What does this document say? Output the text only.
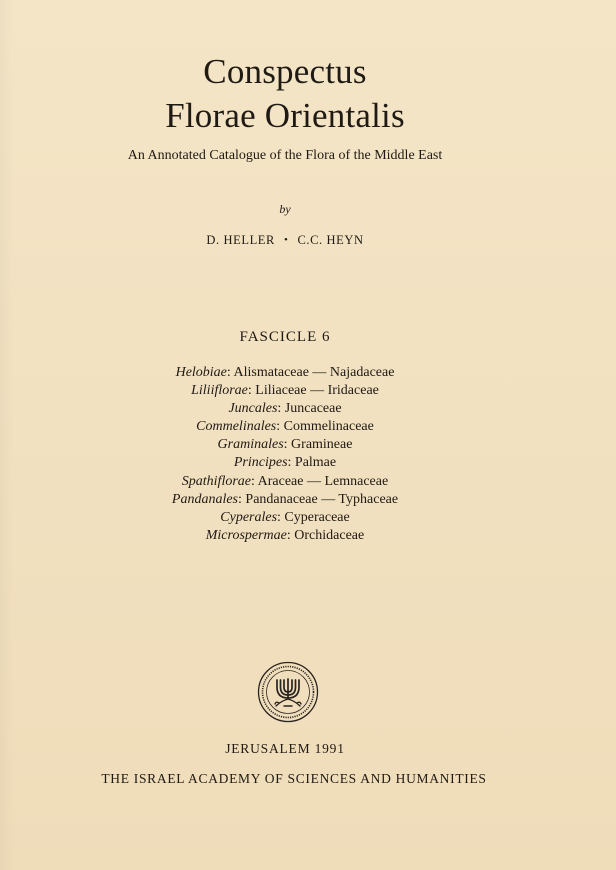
Conspectus
Florae Orientalis
An Annotated Catalogue of the Flora of the Middle East
by
D. HELLER • C.C. HEYN
FASCICLE 6
Helobiae: Alismataceae — Najadaceae
Liliiflorae: Liliaceae — Iridaceae
Juncales: Juncaceae
Commelinales: Commelinaceae
Graminales: Gramineae
Principes: Palmae
Spathiflorae: Araceae — Lemnaceae
Pandanales: Pandanaceae — Typhaceae
Cyperales: Cyperaceae
Microspermae: Orchidaceae
JERUSALEM 1991
THE ISRAEL ACADEMY OF SCIENCES AND HUMANITIES
